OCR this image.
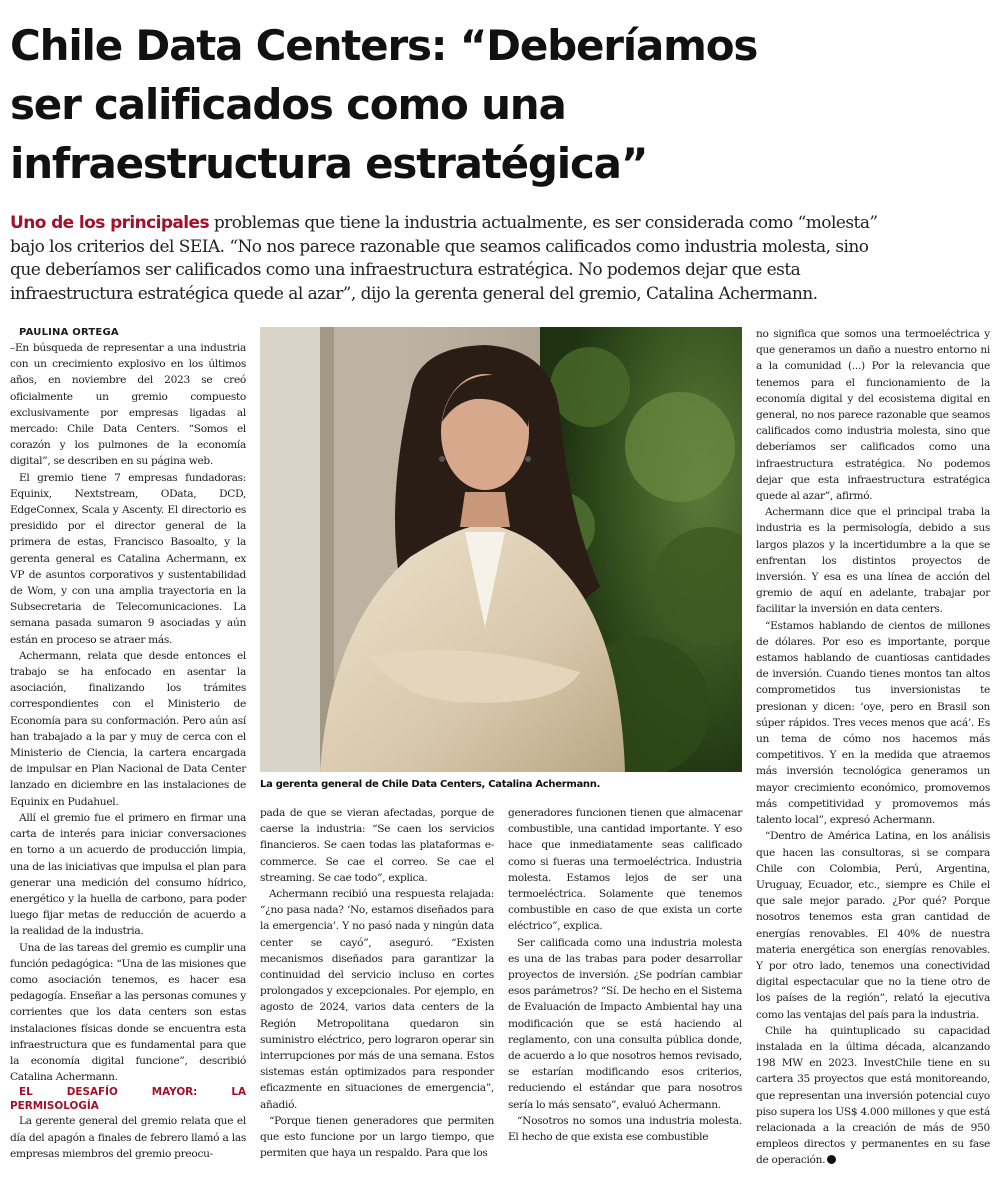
Chile Data Centers: “Deberíamos
ser calificados como una
infraestructura estratégica”
Uno de los principales problemas que tiene la industria actualmente, es ser considerada como “molesta”
bajo los criterios del SEIA. “No nos parece razonable que seamos calificados como industria molesta, sino
que deberíamos ser calificados como una infraestructura estratégica. No podemos dejar que esta
infraestructura estratégica quede al azar”, dijo la gerenta general del gremio, Catalina Achermann.

PAULINA ORTEGA

–En búsqueda de representar a una industria con un crecimiento explosivo en los últimos años, en noviembre del 2023 se creó oficialmente un gremio compuesto exclusivamente por empresas ligadas al mercado: Chile Data Centers. “Somos el corazón y los pulmones de la economía digital”, se describen en su página web.

El gremio tiene 7 empresas fundadoras: Equinix, Nextstream, OData, DCD, EdgeConnex, Scala y Ascenty. El directorio es presidido por el director general de la primera de estas, Francisco Basoalto, y la gerenta general es Catalina Achermann, ex VP de asuntos corporativos y sustentabilidad de Wom, y con una amplia trayectoria en la Subsecretaria de Telecomunicaciones. La semana pasada sumaron 9 asociadas y aún están en proceso se atraer más.

Achermann, relata que desde entonces el trabajo se ha enfocado en asentar la asociación, finalizando los trámites correspondientes con el Ministerio de Economía para su conformación. Pero aún así han trabajado a la par y muy de cerca con el Ministerio de Ciencia, la cartera encargada de impulsar en Plan Nacional de Data Center lanzado en diciembre en las instalaciones de Equinix en Pudahuel.

Allí el gremio fue el primero en firmar una carta de interés para iniciar conversaciones en torno a un acuerdo de producción limpia, una de las iniciativas que impulsa el plan para generar una medición del consumo hídrico, energético y la huella de carbono, para poder luego fijar metas de reducción de acuerdo a la realidad de la industria.

Una de las tareas del gremio es cumplir una función pedagógica: “Una de las misiones que como asociación tenemos, es hacer esa pedagogía. Enseñar a las personas comunes y corrientes que los data centers son estas instalaciones físicas donde se encuentra esta infraestructura que es fundamental para que la economía digital funcione”, describió Catalina Achermann.

EL DESAFÍO MAYOR: LA PERMISOLOGÍA

La gerente general del gremio relata que el día del apagón a finales de febrero llamó a las empresas miembros del gremio preocu-

La gerenta general de Chile Data Centers, Catalina Achermann.

pada de que se vieran afectadas, porque de caerse la industria: “Se caen los servicios financieros. Se caen todas las plataformas e-commerce. Se cae el correo. Se cae el streaming. Se cae todo”, explica.

Achermann recibió una respuesta relajada: “¿no pasa nada? ‘No, estamos diseñados para la emergencia’. Y no pasó nada y ningún data center se cayó”, aseguró. “Existen mecanismos diseñados para garantizar la continuidad del servicio incluso en cortes prolongados y excepcionales. Por ejemplo, en agosto de 2024, varios data centers de la Región Metropolitana quedaron sin suministro eléctrico, pero lograron operar sin interrupciones por más de una semana. Estos sistemas están optimizados para responder eficazmente en situaciones de emergencia”, añadió.

“Porque tienen generadores que permiten que esto funcione por un largo tiempo, que permiten que haya un respaldo. Para que los

generadores funcionen tienen que almacenar combustible, una cantidad importante. Y eso hace que inmediatamente seas calificado como si fueras una termoeléctrica. Industria molesta. Estamos lejos de ser una termoeléctrica. Solamente que tenemos combustible en caso de que exista un corte eléctrico”, explica.

Ser calificada como una industria molesta es una de las trabas para poder desarrollar proyectos de inversión. ¿Se podrían cambiar esos parámetros? “Sí. De hecho en el Sistema de Evaluación de Impacto Ambiental hay una modificación que se está haciendo al reglamento, con una consulta pública donde, de acuerdo a lo que nosotros hemos revisado, se estarían modificando esos criterios, reduciendo el estándar que para nosotros sería lo más sensato”, evaluó Achermann.

“Nosotros no somos una industria molesta. El hecho de que exista ese combustible

no significa que somos una termoeléctrica y que generamos un daño a nuestro entorno ni a la comunidad (...) Por la relevancia que tenemos para el funcionamiento de la economía digital y del ecosistema digital en general, no nos parece razonable que seamos calificados como industria molesta, sino que deberíamos ser calificados como una infraestructura estratégica. No podemos dejar que esta infraestructura estratégica quede al azar”, afirmó.

Achermann dice que el principal traba la industria es la permisología, debido a sus largos plazos y la incertidumbre a la que se enfrentan los distintos proyectos de inversión. Y esa es una línea de acción del gremio de aquí en adelante, trabajar por facilitar la inversión en data centers.

“Estamos hablando de cientos de millones de dólares. Por eso es importante, porque estamos hablando de cuantiosas cantidades de inversión. Cuando tienes montos tan altos comprometidos tus inversionistas te presionan y dicen: ‘oye, pero en Brasil son súper rápidos. Tres veces menos que acá’. Es un tema de cómo nos hacemos más competitivos. Y en la medida que atraemos más inversión tecnológica generamos un mayor crecimiento económico, promovemos más competitividad y promovemos más talento local”, expresó Achermann.

“Dentro de América Latina, en los análisis que hacen las consultoras, si se compara Chile con Colombia, Perú, Argentina, Uruguay, Ecuador, etc., siempre es Chile el que sale mejor parado. ¿Por qué? Porque nosotros tenemos esta gran cantidad de energías renovables. El 40% de nuestra materia energética son energías renovables. Y por otro lado, tenemos una conectividad digital espectacular que no la tiene otro de los países de la región”, relató la ejecutiva como las ventajas del país para la industria.

Chile ha quintuplicado su capacidad instalada en la última década, alcanzando 198 MW en 2023. InvestChile tiene en su cartera 35 proyectos que está monitoreando, que representan una inversión potencial cuyo piso supera los US$ 4.000 millones y que está relacionada a la creación de más de 950 empleos directos y permanentes en su fase de operación.
